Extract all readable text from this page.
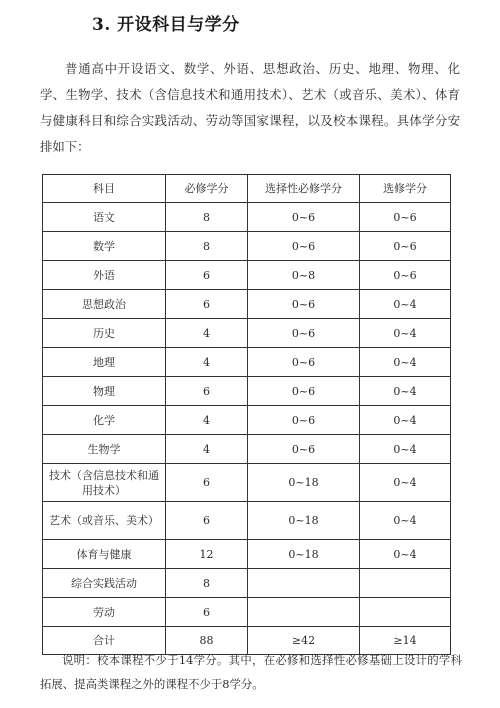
3. 开设科目与学分
普通高中开设语文、数学、外语、思想政治、历史、地理、物理、化学、生物学、技术（含信息技术和通用技术）、艺术（或音乐、美术）、体育与健康科目和综合实践活动、劳动等国家课程，以及校本课程。具体学分安排如下：
科目	必修学分	选择性必修学分	选修学分
语文	8	0~6	0~6
数学	8	0~6	0~6
外语	6	0~8	0~6
思想政治	6	0~6	0~4
历史	4	0~6	0~4
地理	4	0~6	0~4
物理	6	0~6	0~4
化学	4	0~6	0~4
生物学	4	0~6	0~4
技术（含信息技术和通用技术）	6	0~18	0~4
艺术（或音乐、美术）	6	0~18	0~4
体育与健康	12	0~18	0~4
综合实践活动	8		
劳动	6		
合计	88	≥42	≥14
说明：校本课程不少于14学分。其中，在必修和选择性必修基础上设计的学科拓展、提高类课程之外的课程不少于8学分。
